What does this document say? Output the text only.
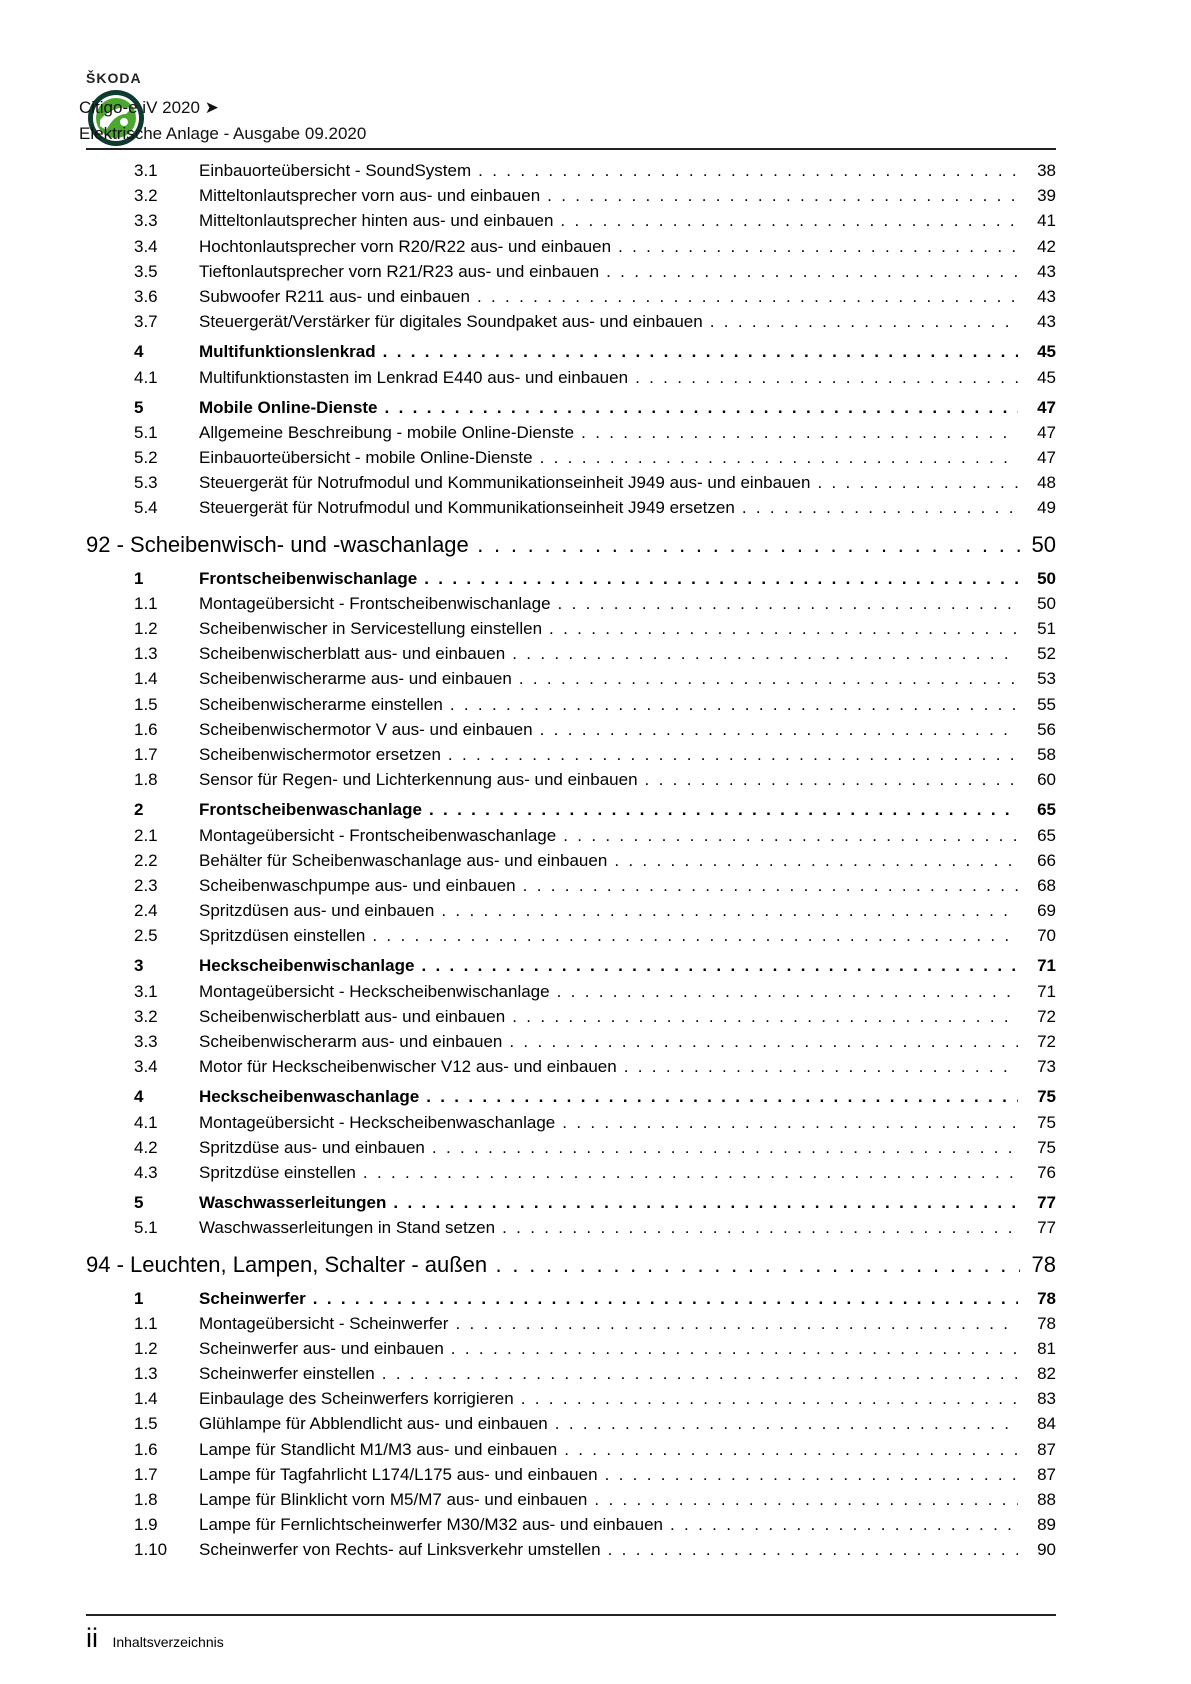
ŠKODA
Citigo-e iV 2020 ➤
Elektrische Anlage - Ausgabe 09.2020
3.1 Einbauorteübersicht - SoundSystem . . .	38
3.2 Mitteltonlautsprecher vorn aus- und einbauen . . .	39
3.3 Mitteltonlautsprecher hinten aus- und einbauen . . .	41
3.4 Hochtonlautsprecher vorn R20/R22 aus- und einbauen . . .	42
3.5 Tieftonlautsprecher vorn R21/R23 aus- und einbauen . . .	43
3.6 Subwoofer R211 aus- und einbauen . . .	43
3.7 Steuergerät/Verstärker für digitales Soundpaket aus- und einbauen . . .	43
4	Multifunktionslenkrad . . .	45
4.1 Multifunktionstasten im Lenkrad E440 aus- und einbauen . . .	45
5	Mobile Online-Dienste . . .	47
5.1 Allgemeine Beschreibung - mobile Online-Dienste . . .	47
5.2 Einbauorteübersicht - mobile Online-Dienste . . .	47
5.3 Steuergerät für Notrufmodul und Kommunikationseinheit J949 aus- und einbauen . . .	48
5.4 Steuergerät für Notrufmodul und Kommunikationseinheit J949 ersetzen . . .	49
92 - Scheibenwisch- und -waschanlage . . .	50
1	Frontscheibenwischanlage . . .	50
1.1 Montageübersicht - Frontscheibenwischanlage . . .	50
1.2 Scheibenwischer in Servicestellung einstellen . . .	51
1.3 Scheibenwischerblatt aus- und einbauen . . .	52
1.4 Scheibenwischerarme aus- und einbauen . . .	53
1.5 Scheibenwischerarme einstellen . . .	55
1.6 Scheibenwischermotor V aus- und einbauen . . .	56
1.7 Scheibenwischermotor ersetzen . . .	58
1.8 Sensor für Regen- und Lichterkennung aus- und einbauen . . .	60
2	Frontscheibenwaschanlage . . .	65
2.1 Montageübersicht - Frontscheibenwaschanlage . . .	65
2.2 Behälter für Scheibenwaschanlage aus- und einbauen . . .	66
2.3 Scheibenwaschpumpe aus- und einbauen . . .	68
2.4 Spritzdüsen aus- und einbauen . . .	69
2.5 Spritzdüsen einstellen . . .	70
3	Heckscheibenwischanlage . . .	71
3.1 Montageübersicht - Heckscheibenwischanlage . . .	71
3.2 Scheibenwischerblatt aus- und einbauen . . .	72
3.3 Scheibenwischerarm aus- und einbauen . . .	72
3.4 Motor für Heckscheibenwischer V12 aus- und einbauen . . .	73
4	Heckscheibenwaschanlage . . .	75
4.1 Montageübersicht - Heckscheibenwaschanlage . . .	75
4.2 Spritzdüse aus- und einbauen . . .	75
4.3 Spritzdüse einstellen . . .	76
5	Waschwasserleitungen . . .	77
5.1 Waschwasserleitungen in Stand setzen . . .	77
94 - Leuchten, Lampen, Schalter - außen . . .	78
1	Scheinwerfer . . .	78
1.1 Montageübersicht - Scheinwerfer . . .	78
1.2 Scheinwerfer aus- und einbauen . . .	81
1.3 Scheinwerfer einstellen . . .	82
1.4 Einbaulage des Scheinwerfers korrigieren . . .	83
1.5 Glühlampe für Abblendlicht aus- und einbauen . . .	84
1.6 Lampe für Standlicht M1/M3 aus- und einbauen . . .	87
1.7 Lampe für Tagfahrlicht L174/L175 aus- und einbauen . . .	87
1.8 Lampe für Blinklicht vorn M5/M7 aus- und einbauen . . .	88
1.9 Lampe für Fernlichtscheinwerfer M30/M32 aus- und einbauen . . .	89
1.10 Scheinwerfer von Rechts- auf Linksverkehr umstellen . . .	90
ii Inhaltsverzeichnis
